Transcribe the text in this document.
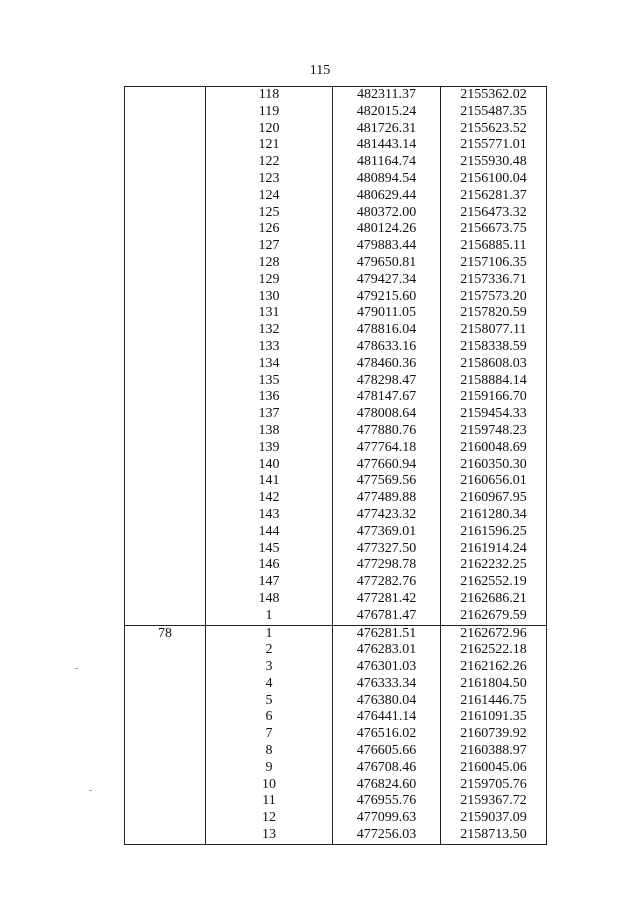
115
	118	482311.37	2155362.02
	119	482015.24	2155487.35
	120	481726.31	2155623.52
	121	481443.14	2155771.01
	122	481164.74	2155930.48
	123	480894.54	2156100.04
	124	480629.44	2156281.37
	125	480372.00	2156473.32
	126	480124.26	2156673.75
	127	479883.44	2156885.11
	128	479650.81	2157106.35
	129	479427.34	2157336.71
	130	479215.60	2157573.20
	131	479011.05	2157820.59
	132	478816.04	2158077.11
	133	478633.16	2158338.59
	134	478460.36	2158608.03
	135	478298.47	2158884.14
	136	478147.67	2159166.70
	137	478008.64	2159454.33
	138	477880.76	2159748.23
	139	477764.18	2160048.69
	140	477660.94	2160350.30
	141	477569.56	2160656.01
	142	477489.88	2160967.95
	143	477423.32	2161280.34
	144	477369.01	2161596.25
	145	477327.50	2161914.24
	146	477298.78	2162232.25
	147	477282.76	2162552.19
	148	477281.42	2162686.21
	1	476781.47	2162679.59
78	1	476281.51	2162672.96
	2	476283.01	2162522.18
	3	476301.03	2162162.26
	4	476333.34	2161804.50
	5	476380.04	2161446.75
	6	476441.14	2161091.35
	7	476516.02	2160739.92
	8	476605.66	2160388.97
	9	476708.46	2160045.06
	10	476824.60	2159705.76
	11	476955.76	2159367.72
	12	477099.63	2159037.09
	13	477256.03	2158713.50
